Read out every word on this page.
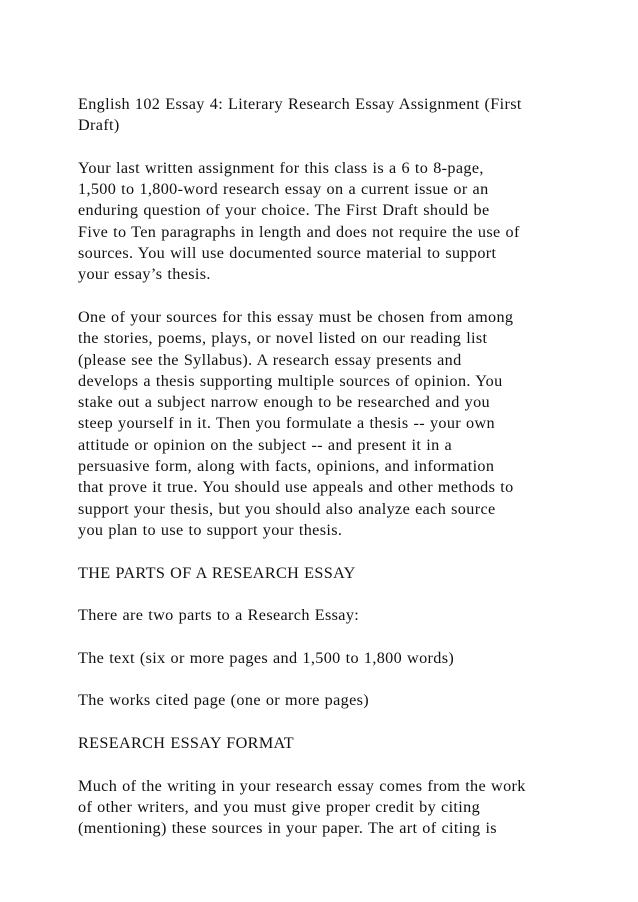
English 102 Essay 4: Literary Research Essay Assignment (First
Draft)
Your last written assignment for this class is a 6 to 8-page,
1,500 to 1,800-word research essay on a current issue or an
enduring question of your choice. The First Draft should be
Five to Ten paragraphs in length and does not require the use of
sources. You will use documented source material to support
your essay’s thesis.
One of your sources for this essay must be chosen from among
the stories, poems, plays, or novel listed on our reading list
(please see the Syllabus). A research essay presents and
develops a thesis supporting multiple sources of opinion. You
stake out a subject narrow enough to be researched and you
steep yourself in it. Then you formulate a thesis -- your own
attitude or opinion on the subject -- and present it in a
persuasive form, along with facts, opinions, and information
that prove it true. You should use appeals and other methods to
support your thesis, but you should also analyze each source
you plan to use to support your thesis.
THE PARTS OF A RESEARCH ESSAY
There are two parts to a Research Essay:
The text (six or more pages and 1,500 to 1,800 words)
The works cited page (one or more pages)
RESEARCH ESSAY FORMAT
Much of the writing in your research essay comes from the work
of other writers, and you must give proper credit by citing
(mentioning) these sources in your paper. The art of citing is
